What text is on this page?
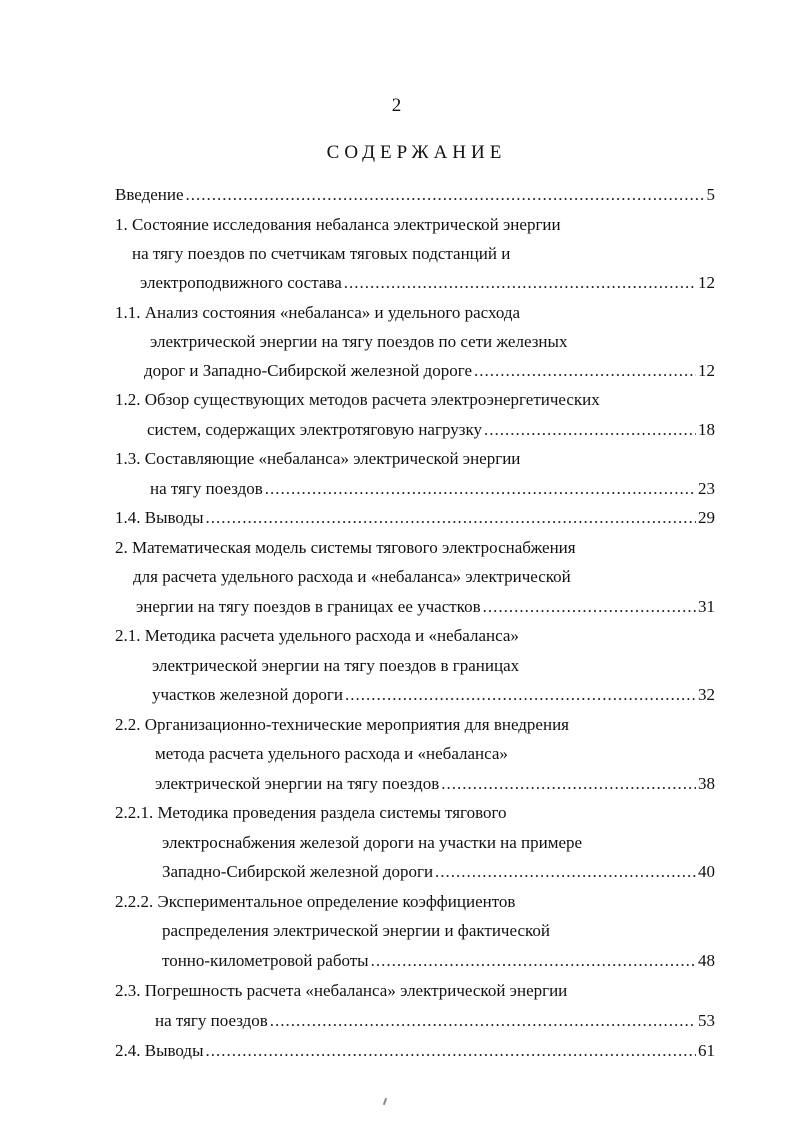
2
СОДЕРЖАНИЕ
Введение .....	5
1. Состояние исследования небаланса электрической энергии
на тягу поездов по счетчикам тяговых подстанций и
электроподвижного состава .....	12
1.1. Анализ состояния «небаланса» и удельного расхода
электрической энергии на тягу поездов по сети железных
дорог и Западно-Сибирской железной дороге .....	12
1.2. Обзор существующих методов расчета электроэнергетических
систем, содержащих электротяговую нагрузку .....	18
1.3. Составляющие «небаланса» электрической энергии
на тягу поездов .....	23
1.4. Выводы .....	29
2. Математическая модель системы тягового электроснабжения
для расчета удельного расхода и «небаланса» электрической
энергии на тягу поездов в границах ее участков .....	31
2.1. Методика расчета удельного расхода и «небаланса»
электрической энергии на тягу поездов в границах
участков железной дороги .....	32
2.2. Организационно-технические мероприятия для внедрения
метода расчета удельного расхода и «небаланса»
электрической энергии на тягу поездов .....	38
2.2.1. Методика проведения раздела системы тягового
электроснабжения железой дороги на участки на примере
Западно-Сибирской железной дороги .....	40
2.2.2. Экспериментальное определение коэффициентов
распределения электрической энергии и фактической
тонно-километровой работы .....	48
2.3. Погрешность расчета «небаланса» электрической энергии
на тягу поездов .....	53
2.4. Выводы .....	61
